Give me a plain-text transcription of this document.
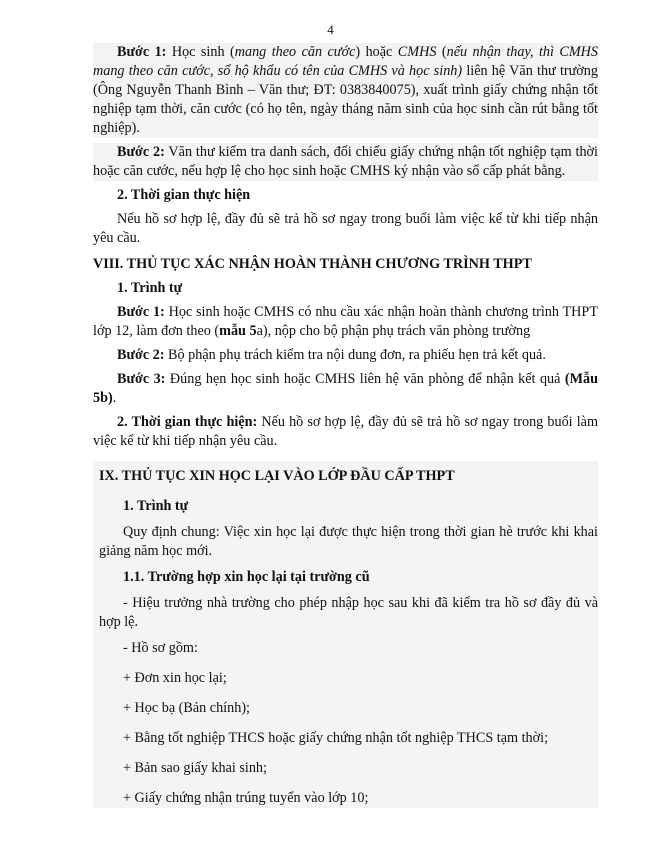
4

Bước 1: Học sinh (mang theo căn cước) hoặc CMHS (nếu nhận thay, thì CMHS mang theo căn cước, sổ hộ khẩu có tên của CMHS và học sinh) liên hệ Văn thư trường (Ông Nguyễn Thanh Bình – Văn thư; ĐT: 0383840075), xuất trình giấy chứng nhận tốt nghiệp tạm thời, căn cước (có họ tên, ngày tháng năm sinh của học sinh cần rút bằng tốt nghiệp).

Bước 2: Văn thư kiểm tra danh sách, đối chiếu giấy chứng nhận tốt nghiệp tạm thời hoặc căn cước, nếu hợp lệ cho học sinh hoặc CMHS ký nhận vào sổ cấp phát bằng.

2. Thời gian thực hiện

Nếu hồ sơ hợp lệ, đầy đủ sẽ trả hồ sơ ngay trong buổi làm việc kể từ khi tiếp nhận yêu cầu.

VIII. THỦ TỤC XÁC NHẬN HOÀN THÀNH CHƯƠNG TRÌNH THPT

1. Trình tự

Bước 1: Học sinh hoặc CMHS có nhu cầu xác nhận hoàn thành chương trình THPT lớp 12, làm đơn theo (mẫu 5a), nộp cho bộ phận phụ trách văn phòng trường

Bước 2: Bộ phận phụ trách kiểm tra nội dung đơn, ra phiếu hẹn trả kết quả.

Bước 3: Đúng hẹn học sinh hoặc CMHS liên hệ văn phòng để nhận kết quả (Mẫu 5b).

2. Thời gian thực hiện: Nếu hồ sơ hợp lệ, đầy đủ sẽ trả hồ sơ ngay trong buổi làm việc kể từ khi tiếp nhận yêu cầu.

IX. THỦ TỤC XIN HỌC LẠI VÀO LỚP ĐẦU CẤP THPT

1. Trình tự

Quy định chung: Việc xin học lại được thực hiện trong thời gian hè trước khi khai giảng năm học mới.

1.1. Trường hợp xin học lại tại trường cũ

- Hiệu trưởng nhà trường cho phép nhập học sau khi đã kiểm tra hồ sơ đầy đủ và hợp lệ.

- Hồ sơ gồm:

+ Đơn xin học lại;

+ Học bạ (Bản chính);

+ Bằng tốt nghiệp THCS hoặc giấy chứng nhận tốt nghiệp THCS tạm thời;

+ Bản sao giấy khai sinh;

+ Giấy chứng nhận trúng tuyển vào lớp 10;
